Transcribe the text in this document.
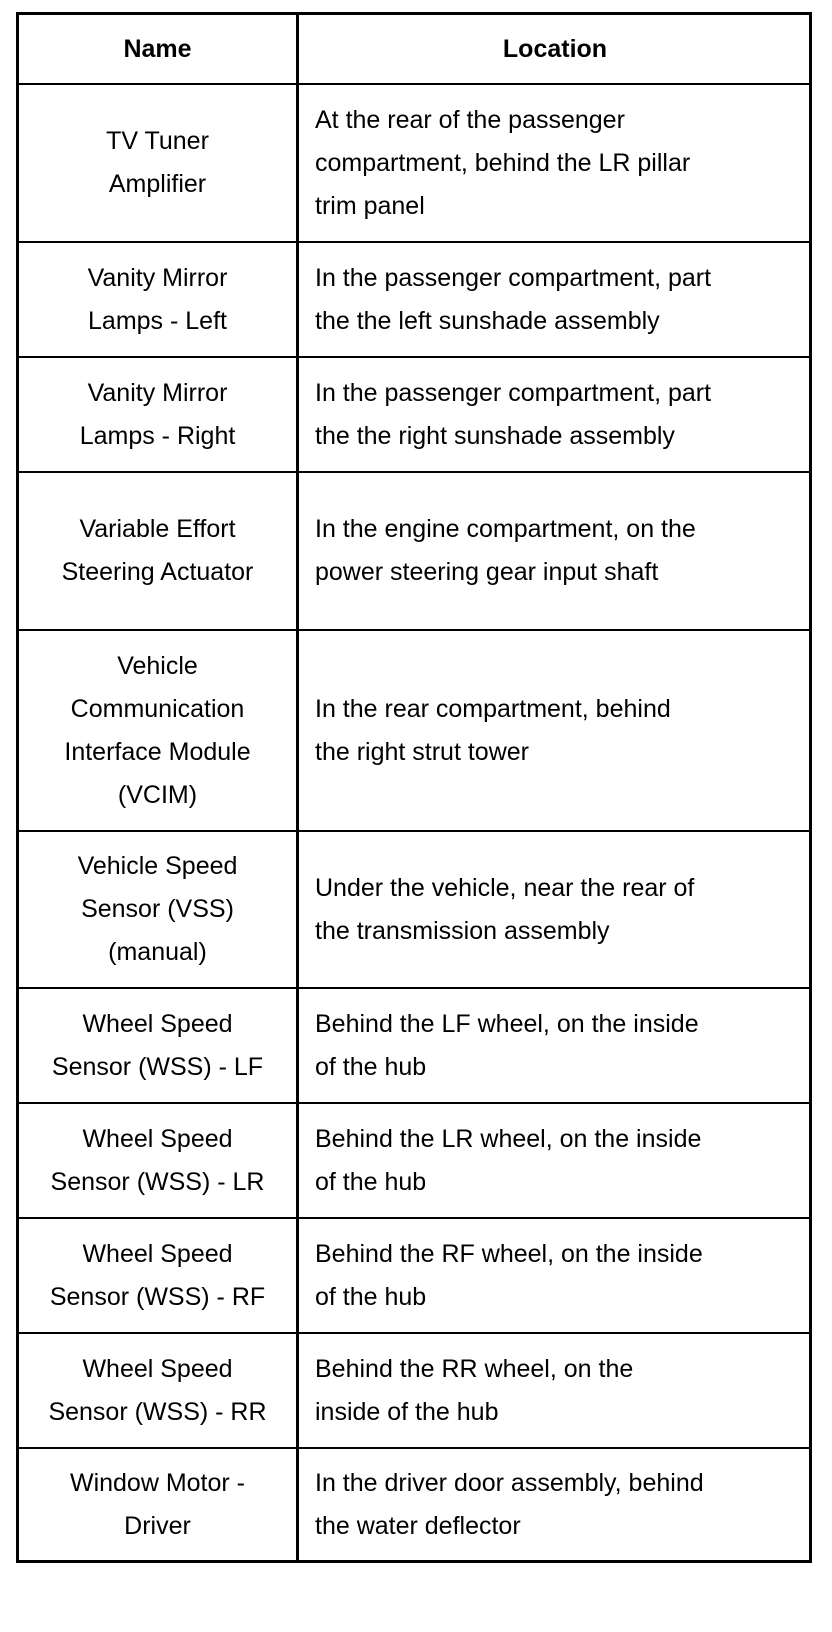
Name	Location
TV Tuner
Amplifier
At the rear of the passenger
compartment, behind the LR pillar
trim panel
Vanity Mirror
Lamps - Left
In the passenger compartment, part
the the left sunshade assembly
Vanity Mirror
Lamps - Right
In the passenger compartment, part
the the right sunshade assembly
Variable Effort
Steering Actuator
In the engine compartment, on the
power steering gear input shaft
Vehicle
Communication
Interface Module
(VCIM)
In the rear compartment, behind
the right strut tower
Vehicle Speed
Sensor (VSS)
(manual)
Under the vehicle, near the rear of
the transmission assembly
Wheel Speed
Sensor (WSS) - LF
Behind the LF wheel, on the inside
of the hub
Wheel Speed
Sensor (WSS) - LR
Behind the LR wheel, on the inside
of the hub
Wheel Speed
Sensor (WSS) - RF
Behind the RF wheel, on the inside
of the hub
Wheel Speed
Sensor (WSS) - RR
Behind the RR wheel, on the
inside of the hub
Window Motor -
Driver
In the driver door assembly, behind
the water deflector
